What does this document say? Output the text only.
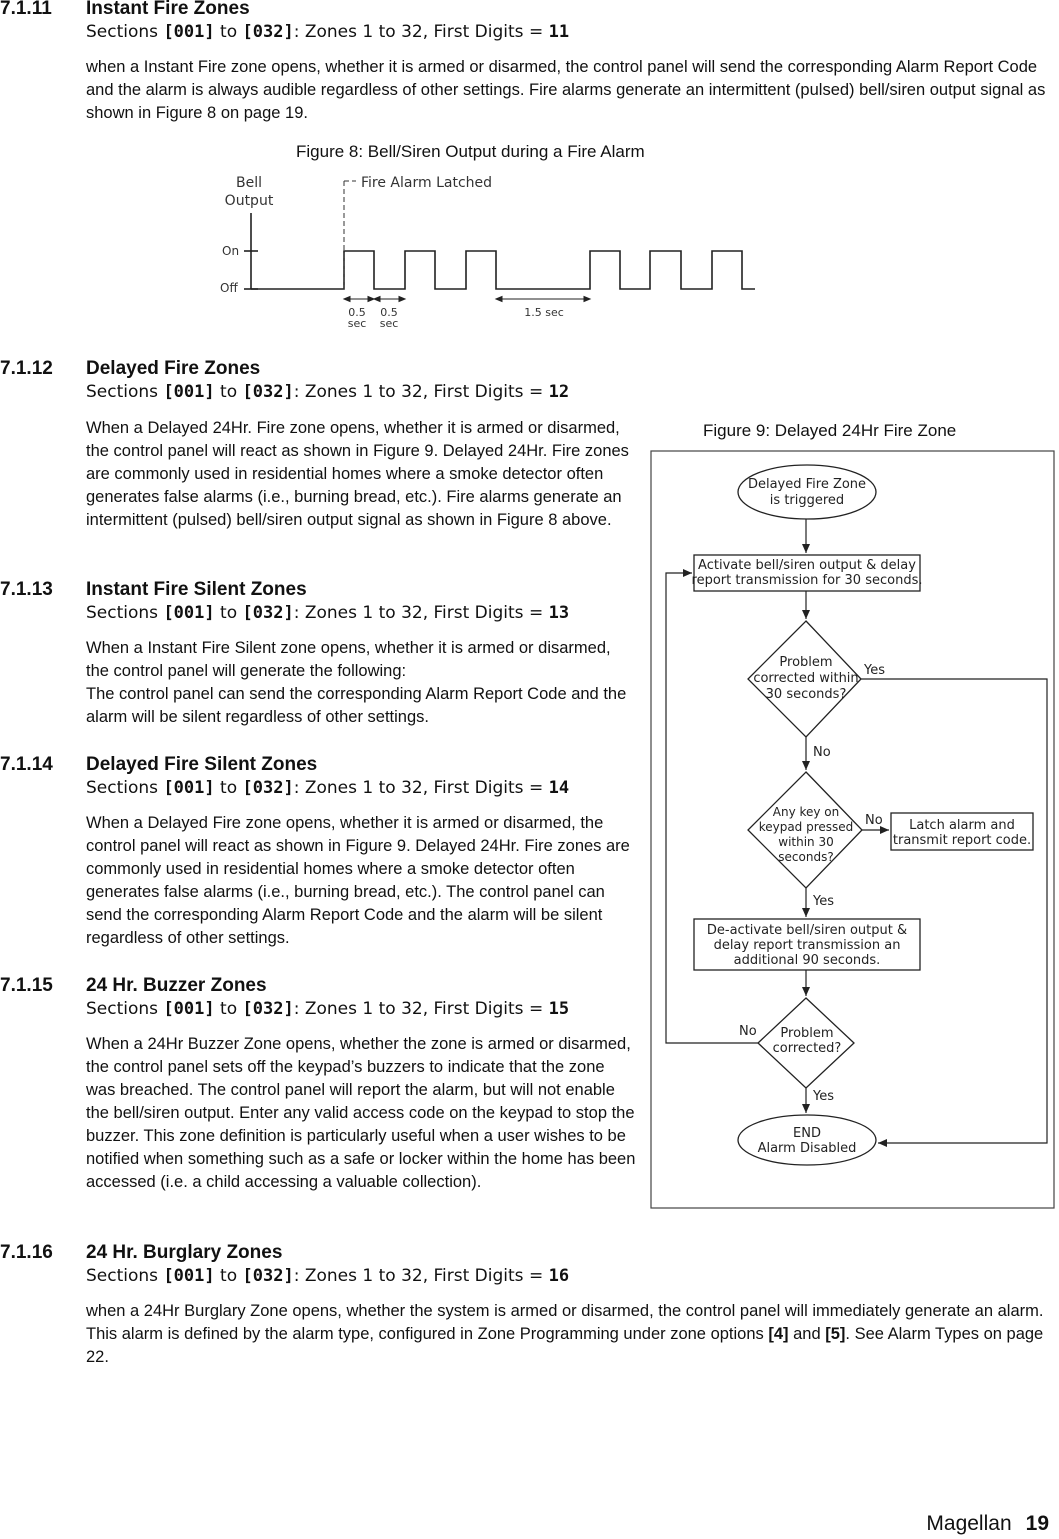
7.1.11 Instant Fire Zones
Sections [001] to [032]: Zones 1 to 32, First Digits = 11
when a Instant Fire zone opens, whether it is armed or disarmed, the control panel will send the corresponding Alarm Report Code and the alarm is always audible regardless of other settings. Fire alarms generate an intermittent (pulsed) bell/siren output signal as shown in Figure 8 on page 19.
Figure 8: Bell/Siren Output during a Fire Alarm
Bell
Output
Fire Alarm Latched
On
Off
0.5
sec
0.5
sec
1.5 sec
7.1.12 Delayed Fire Zones
Sections [001] to [032]: Zones 1 to 32, First Digits = 12
When a Delayed 24Hr. Fire zone opens, whether it is armed or disarmed, the control panel will react as shown in Figure 9. Delayed 24Hr. Fire zones are commonly used in residential homes where a smoke detector often generates false alarms (i.e., burning bread, etc.). Fire alarms generate an intermittent (pulsed) bell/siren output signal as shown in Figure 8 above.
7.1.13 Instant Fire Silent Zones
Sections [001] to [032]: Zones 1 to 32, First Digits = 13
When a Instant Fire Silent zone opens, whether it is armed or disarmed, the control panel will generate the following:
The control panel can send the corresponding Alarm Report Code and the alarm will be silent regardless of other settings.
7.1.14 Delayed Fire Silent Zones
Sections [001] to [032]: Zones 1 to 32, First Digits = 14
When a Delayed Fire zone opens, whether it is armed or disarmed, the control panel will react as shown in Figure 9. Delayed 24Hr. Fire zones are commonly used in residential homes where a smoke detector often generates false alarms (i.e., burning bread, etc.). The control panel can send the corresponding Alarm Report Code and the alarm will be silent regardless of other settings.
7.1.15 24 Hr. Buzzer Zones
Sections [001] to [032]: Zones 1 to 32, First Digits = 15
When a 24Hr Buzzer Zone opens, whether the zone is armed or disarmed, the control panel sets off the keypad’s buzzers to indicate that the zone was breached. The control panel will report the alarm, but will not enable the bell/siren output. Enter any valid access code on the keypad to stop the buzzer. This zone definition is particularly useful when a user wishes to be notified when something such as a safe or locker within the home has been accessed (i.e. a child accessing a valuable collection).
7.1.16 24 Hr. Burglary Zones
Sections [001] to [032]: Zones 1 to 32, First Digits = 16
when a 24Hr Burglary Zone opens, whether the system is armed or disarmed, the control panel will immediately generate an alarm. This alarm is defined by the alarm type, configured in Zone Programming under zone options [4] and [5]. See Alarm Types on page 22.
Figure 9: Delayed 24Hr Fire Zone
Delayed Fire Zone
is triggered
Activate bell/siren output & delay
report transmission for 30 seconds.
Problem
corrected within
30 seconds?
Any key on
keypad pressed
within 30
seconds?
Latch alarm and
transmit report code.
De-activate bell/siren output &
delay report transmission an
additional 90 seconds.
Problem
corrected?
END
Alarm Disabled
Yes
No
No
Yes
No
Yes
Magellan 19
